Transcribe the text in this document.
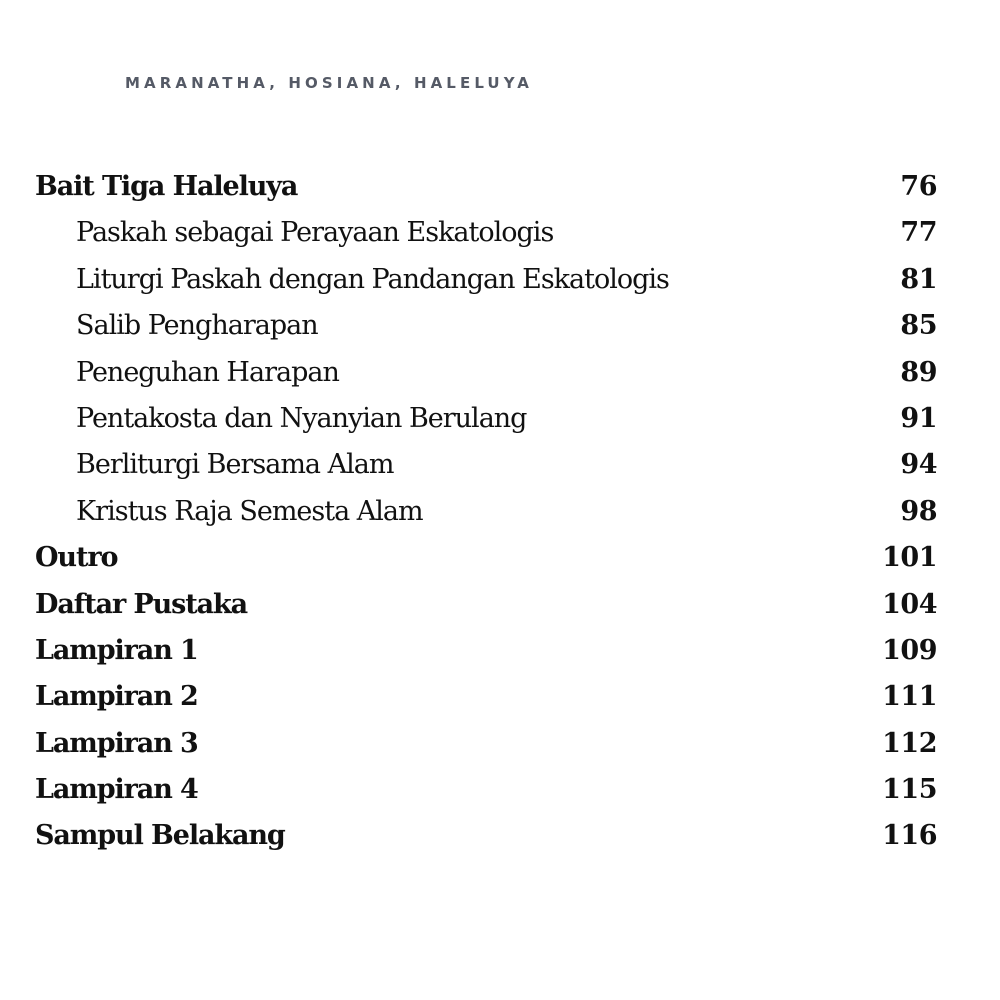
MARANATHA, HOSIANA, HALELUYA
Bait Tiga Haleluya	76
Paskah sebagai Perayaan Eskatologis	77
Liturgi Paskah dengan Pandangan Eskatologis	81
Salib Pengharapan	85
Peneguhan Harapan	89
Pentakosta dan Nyanyian Berulang	91
Berliturgi Bersama Alam	94
Kristus Raja Semesta Alam	98
Outro	101
Daftar Pustaka	104
Lampiran 1	109
Lampiran 2	111
Lampiran 3	112
Lampiran 4	115
Sampul Belakang	116
